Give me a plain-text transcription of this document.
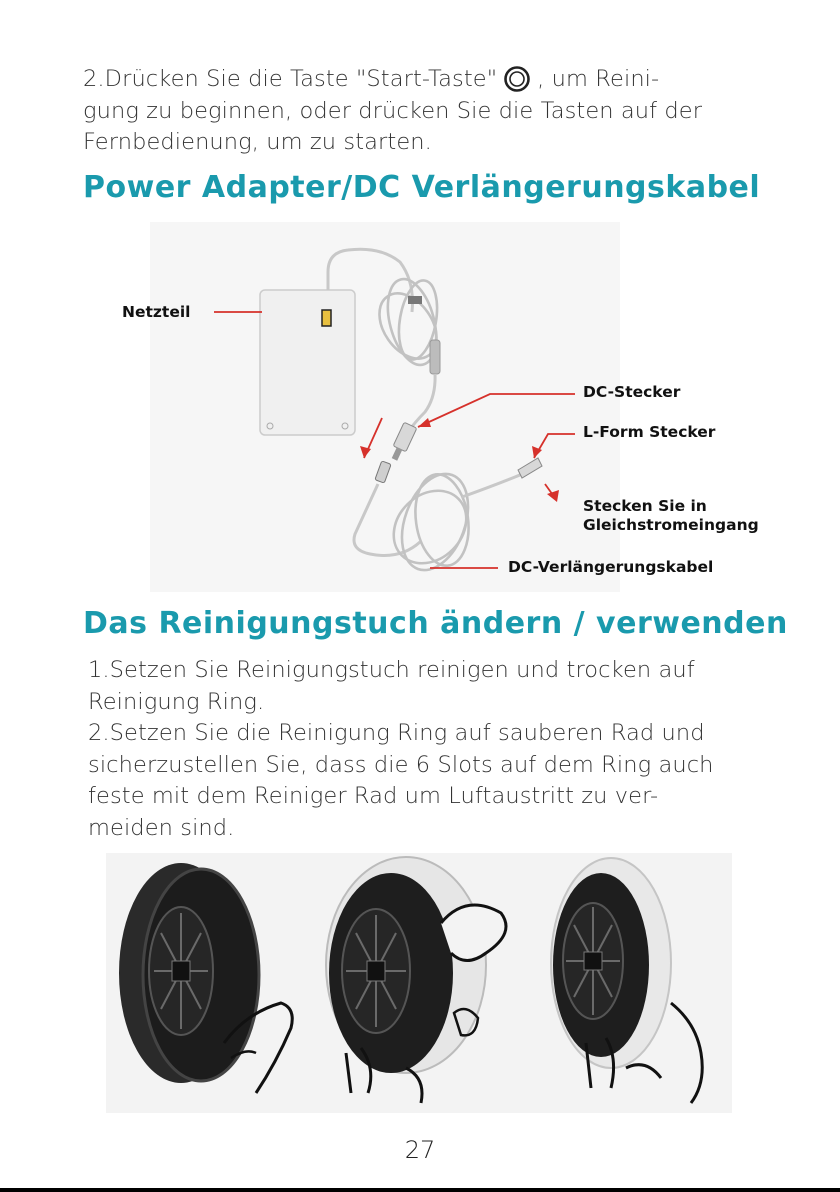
2.Drücken Sie die Taste "Start-Taste" , um Reini-
gung zu beginnen, oder drücken Sie die Tasten auf der
Fernbedienung, um zu starten.
Power Adapter/DC Verlängerungskabel
Netzteil
DC-Stecker
L-Form Stecker
Stecken Sie in
Gleichstromeingang
DC-Verlängerungskabel
Das Reinigungstuch ändern / verwenden
1.Setzen Sie Reinigungstuch reinigen und trocken auf
Reinigung Ring.
2.Setzen Sie die Reinigung Ring auf sauberen Rad und
sicherzustellen Sie, dass die 6 Slots auf dem Ring auch
feste mit dem Reiniger Rad um Luftaustritt zu ver-
meiden sind.
27
